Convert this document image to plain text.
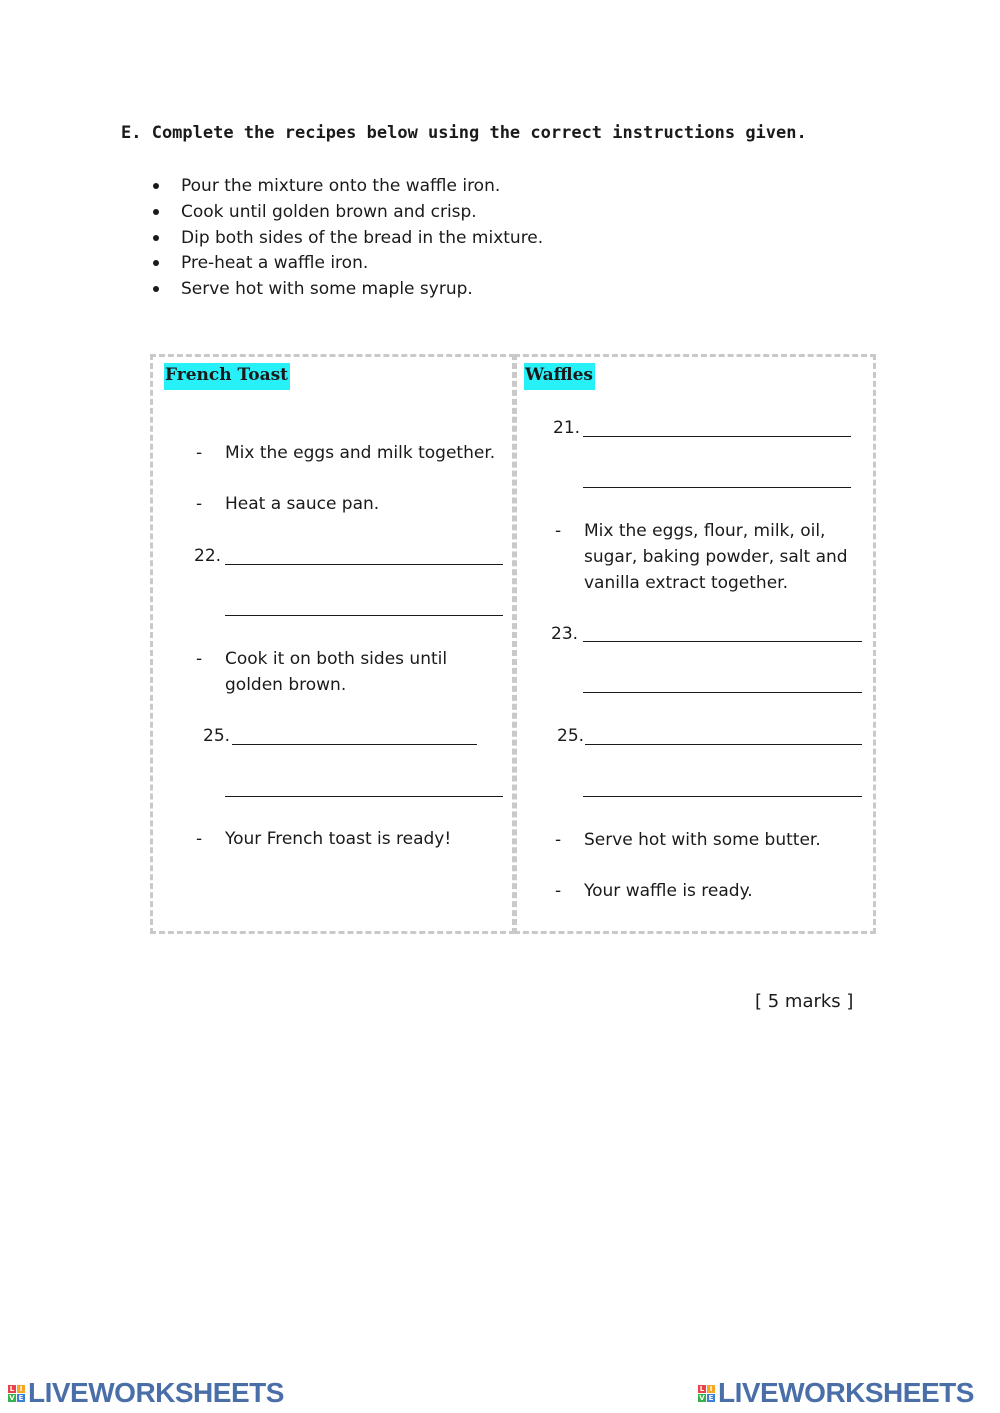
E. Complete the recipes below using the correct instructions given.
Pour the mixture onto the waffle iron.
Cook until golden brown and crisp.
Dip both sides of the bread in the mixture.
Pre-heat a waffle iron.
Serve hot with some maple syrup.
French Toast
- Mix the eggs and milk together.
- Heat a sauce pan.
22.
- Cook it on both sides until
golden brown.
25.
- Your French toast is ready!
Waffles
21.
- Mix the eggs, flour, milk, oil,
sugar, baking powder, salt and
vanilla extract together.
23.
25.
- Serve hot with some butter.
- Your waffle is ready.
[ 5 marks ]
L I
V E LIVEWORKSHEETS	L I
V E LIVEWORKSHEETS
